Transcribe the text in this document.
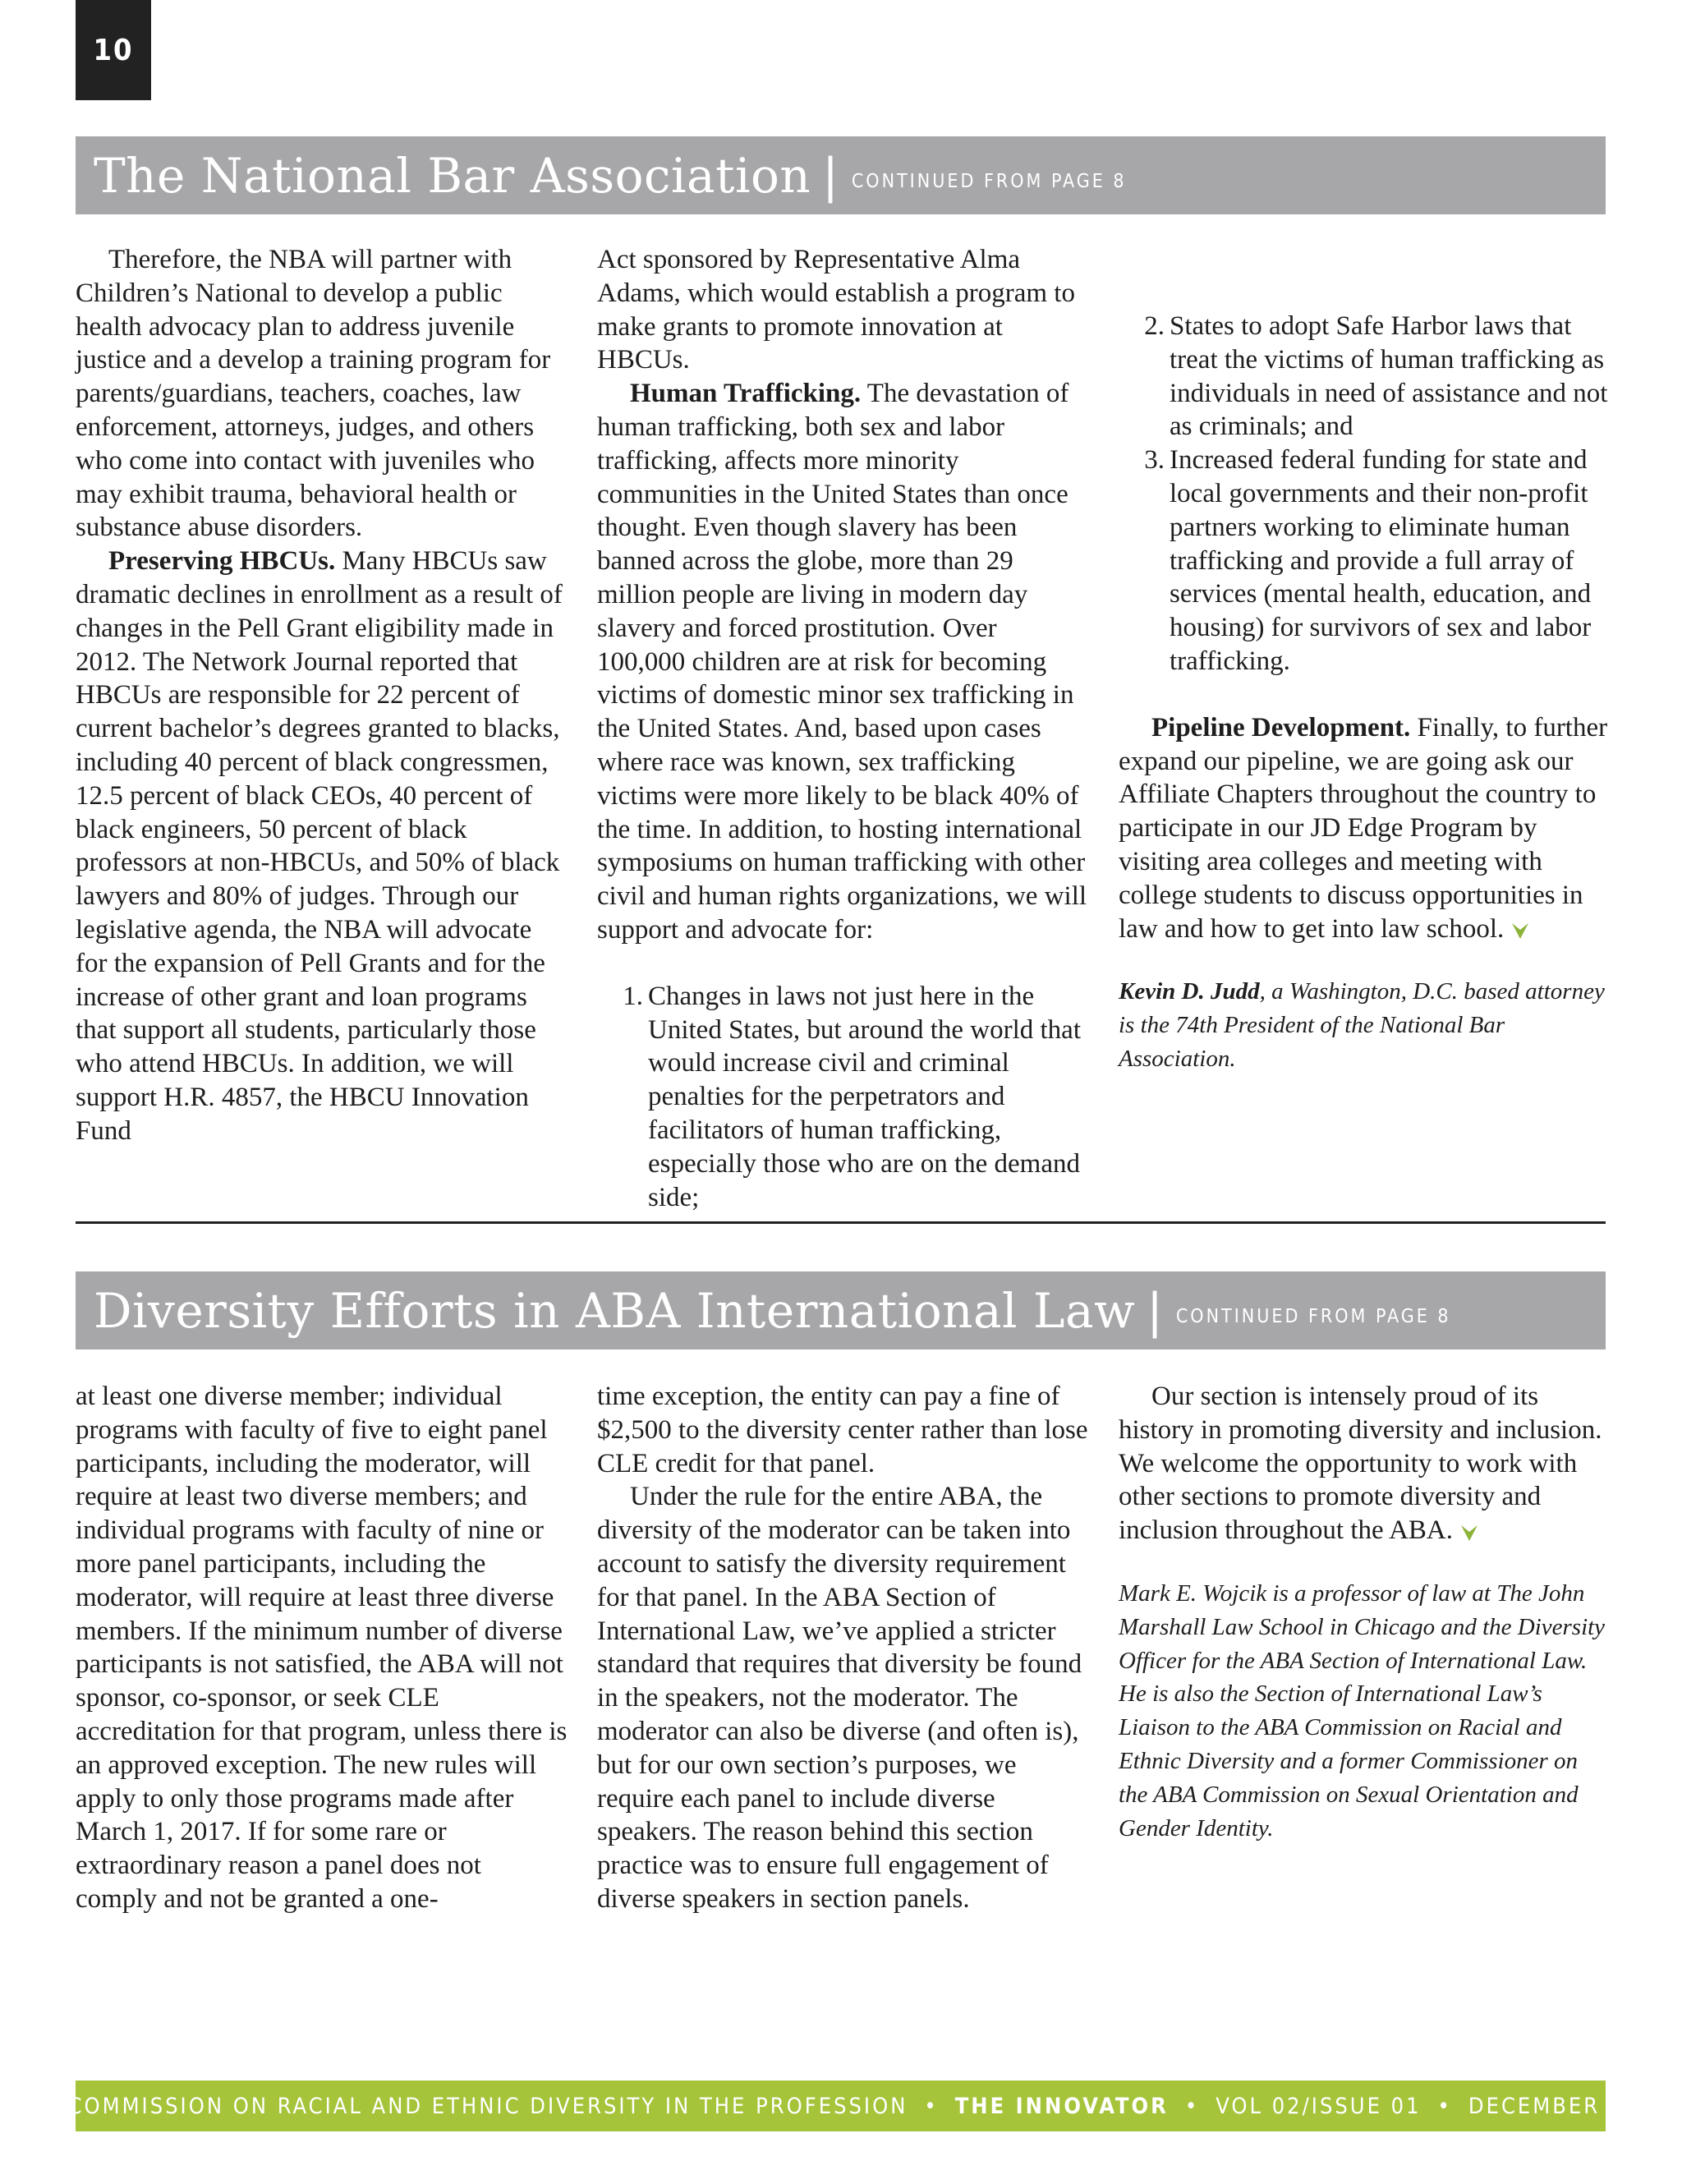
10
The National Bar Association | CONTINUED FROM PAGE 8

Therefore, the NBA will partner with Children’s National to develop a public health advocacy plan to address juvenile justice and a develop a training program for parents/guardians, teachers, coaches, law enforcement, attorneys, judges, and others who come into contact with juveniles who may exhibit trauma, behavioral health or substance abuse disorders.

Preserving HBCUs. Many HBCUs saw dramatic declines in enrollment as a result of changes in the Pell Grant eligibility made in 2012. The Network Journal reported that HBCUs are responsible for 22 percent of current bachelor’s degrees granted to blacks, including 40 percent of black congressmen, 12.5 percent of black CEOs, 40 percent of black engineers, 50 percent of black professors at non-HBCUs, and 50% of black lawyers and 80% of judges. Through our legislative agenda, the NBA will advocate for the expansion of Pell Grants and for the increase of other grant and loan programs that support all students, particularly those who attend HBCUs. In addition, we will support H.R. 4857, the HBCU Innovation Fund

Act sponsored by Representative Alma Adams, which would establish a program to make grants to promote innovation at HBCUs.

Human Trafficking. The devastation of human trafficking, both sex and labor trafficking, affects more minority communities in the United States than once thought. Even though slavery has been banned across the globe, more than 29 million people are living in modern day slavery and forced prostitution. Over 100,000 children are at risk for becoming victims of domestic minor sex trafficking in the United States. And, based upon cases where race was known, sex trafficking victims were more likely to be black 40% of the time. In addition, to hosting international symposiums on human trafficking with other civil and human rights organizations, we will support and advocate for:

1. Changes in laws not just here in the United States, but around the world that would increase civil and criminal penalties for the perpetrators and facilitators of human trafficking, especially those who are on the demand side;
2. States to adopt Safe Harbor laws that treat the victims of human trafficking as individuals in need of assistance and not as criminals; and
3. Increased federal funding for state and local governments and their non-profit partners working to eliminate human trafficking and provide a full array of services (mental health, education, and housing) for survivors of sex and labor trafficking.

Pipeline Development. Finally, to further expand our pipeline, we are going ask our Affiliate Chapters throughout the country to participate in our JD Edge Program by visiting area colleges and meeting with college students to discuss opportunities in law and how to get into law school.

Kevin D. Judd, a Washington, D.C. based attorney is the 74th President of the National Bar Association.

Diversity Efforts in ABA International Law | CONTINUED FROM PAGE 8

at least one diverse member; individual programs with faculty of five to eight panel participants, including the moderator, will require at least two diverse members; and individual programs with faculty of nine or more panel participants, including the moderator, will require at least three diverse members. If the minimum number of diverse participants is not satisfied, the ABA will not sponsor, co-sponsor, or seek CLE accreditation for that program, unless there is an approved exception. The new rules will apply to only those programs made after March 1, 2017. If for some rare or extraordinary reason a panel does not comply and not be granted a one-

time exception, the entity can pay a fine of $2,500 to the diversity center rather than lose CLE credit for that panel.

Under the rule for the entire ABA, the diversity of the moderator can be taken into account to satisfy the diversity requirement for that panel. In the ABA Section of International Law, we’ve applied a stricter standard that requires that diversity be found in the speakers, not the moderator. The moderator can also be diverse (and often is), but for our own section’s purposes, we require each panel to include diverse speakers. The reason behind this section practice was to ensure full engagement of diverse speakers in section panels.

Our section is intensely proud of its history in promoting diversity and inclusion. We welcome the opportunity to work with other sections to promote diversity and inclusion throughout the ABA.

Mark E. Wojcik is a professor of law at The John Marshall Law School in Chicago and the Diversity Officer for the ABA Section of International Law. He is also the Section of International Law’s Liaison to the ABA Commission on Racial and Ethnic Diversity and a former Commissioner on the ABA Commission on Sexual Orientation and Gender Identity.

THE COMMISSION ON RACIAL AND ETHNIC DIVERSITY IN THE PROFESSION • THE INNOVATOR • VOL 02/ISSUE 01 • DECEMBER 2016
